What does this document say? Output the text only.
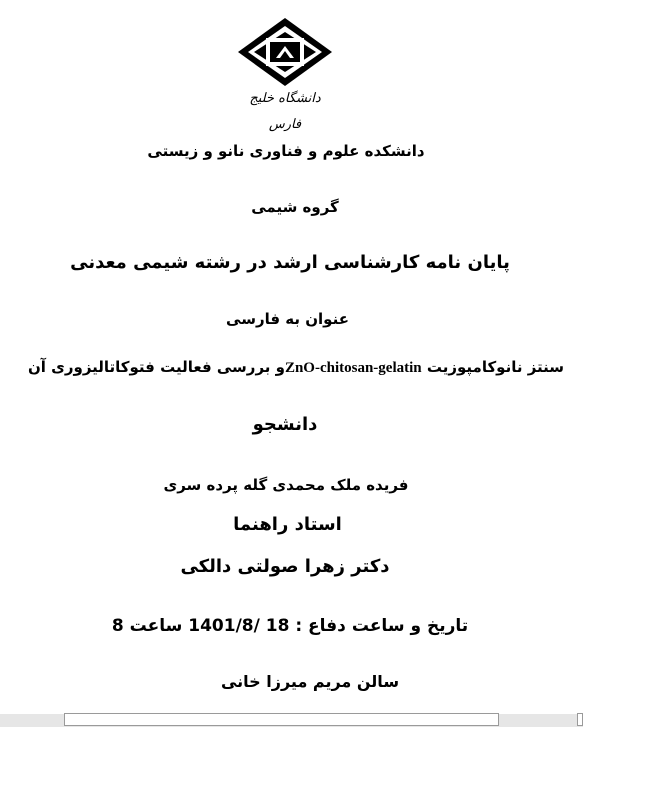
دانشگاه خلیج فارس
دانشکده علوم و فناوری نانو و زیستی
گروه شیمی
پایان نامه کارشناسی ارشد در رشته شیمی معدنی
عنوان به فارسی
سنتز نانوکامپوزیت ZnO-chitosan-gelatinو بررسی فعالیت فتوکاتالیزوری آن
دانشجو
فریده ملک محمدی گله پرده سری
استاد راهنما
دکتر زهرا صولتی دالکی
تاریخ و ساعت دفاع : 18 /1401/8 ساعت 8
سالن مریم میرزا خانی
